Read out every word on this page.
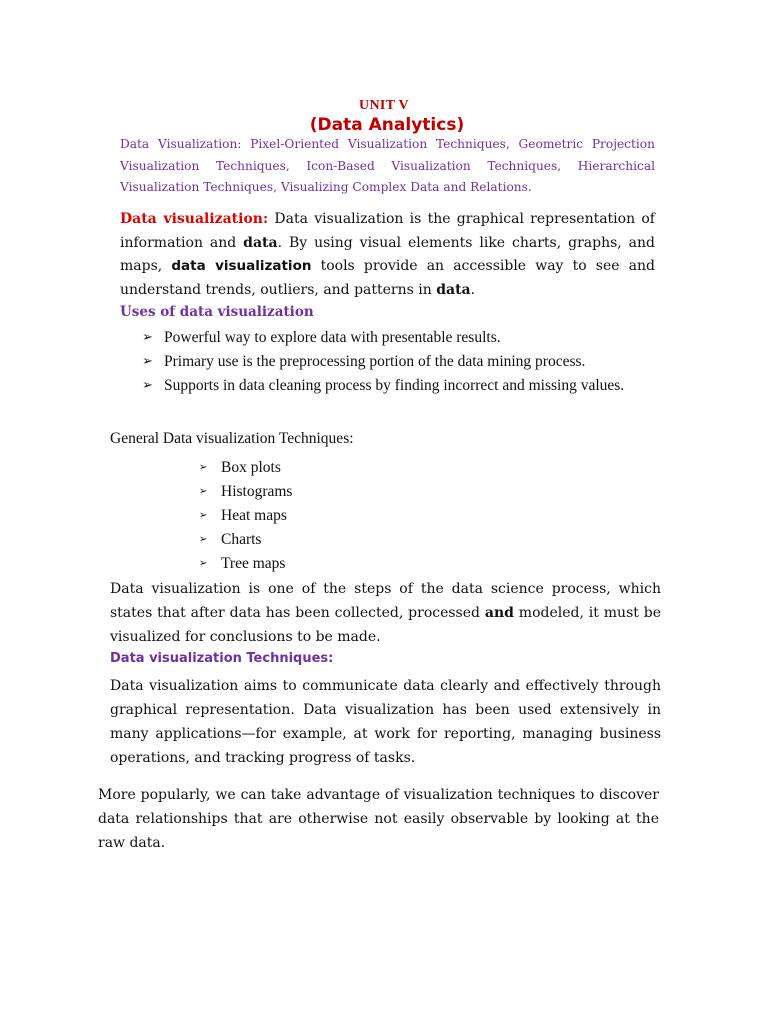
UNIT V
(Data Analytics)
Data Visualization: Pixel-Oriented Visualization Techniques, Geometric Projection Visualization Techniques, Icon-Based Visualization Techniques, Hierarchical Visualization Techniques, Visualizing Complex Data and Relations.

Data visualization: Data visualization is the graphical representation of information and data. By using visual elements like charts, graphs, and maps, data visualization tools provide an accessible way to see and understand trends, outliers, and patterns in data.

Uses of data visualization
➢ Powerful way to explore data with presentable results.
➢ Primary use is the preprocessing portion of the data mining process.
➢ Supports in data cleaning process by finding incorrect and missing values.
General Data visualization Techniques:
➢ Box plots
➢ Histograms
➢ Heat maps
➢ Charts
➢ Tree maps

Data visualization is one of the steps of the data science process, which states that after data has been collected, processed and modeled, it must be visualized for conclusions to be made.

Data visualization Techniques:

Data visualization aims to communicate data clearly and effectively through graphical representation. Data visualization has been used extensively in many applications—for example, at work for reporting, managing business operations, and tracking progress of tasks.

More popularly, we can take advantage of visualization techniques to discover data relationships that are otherwise not easily observable by looking at the raw data.
